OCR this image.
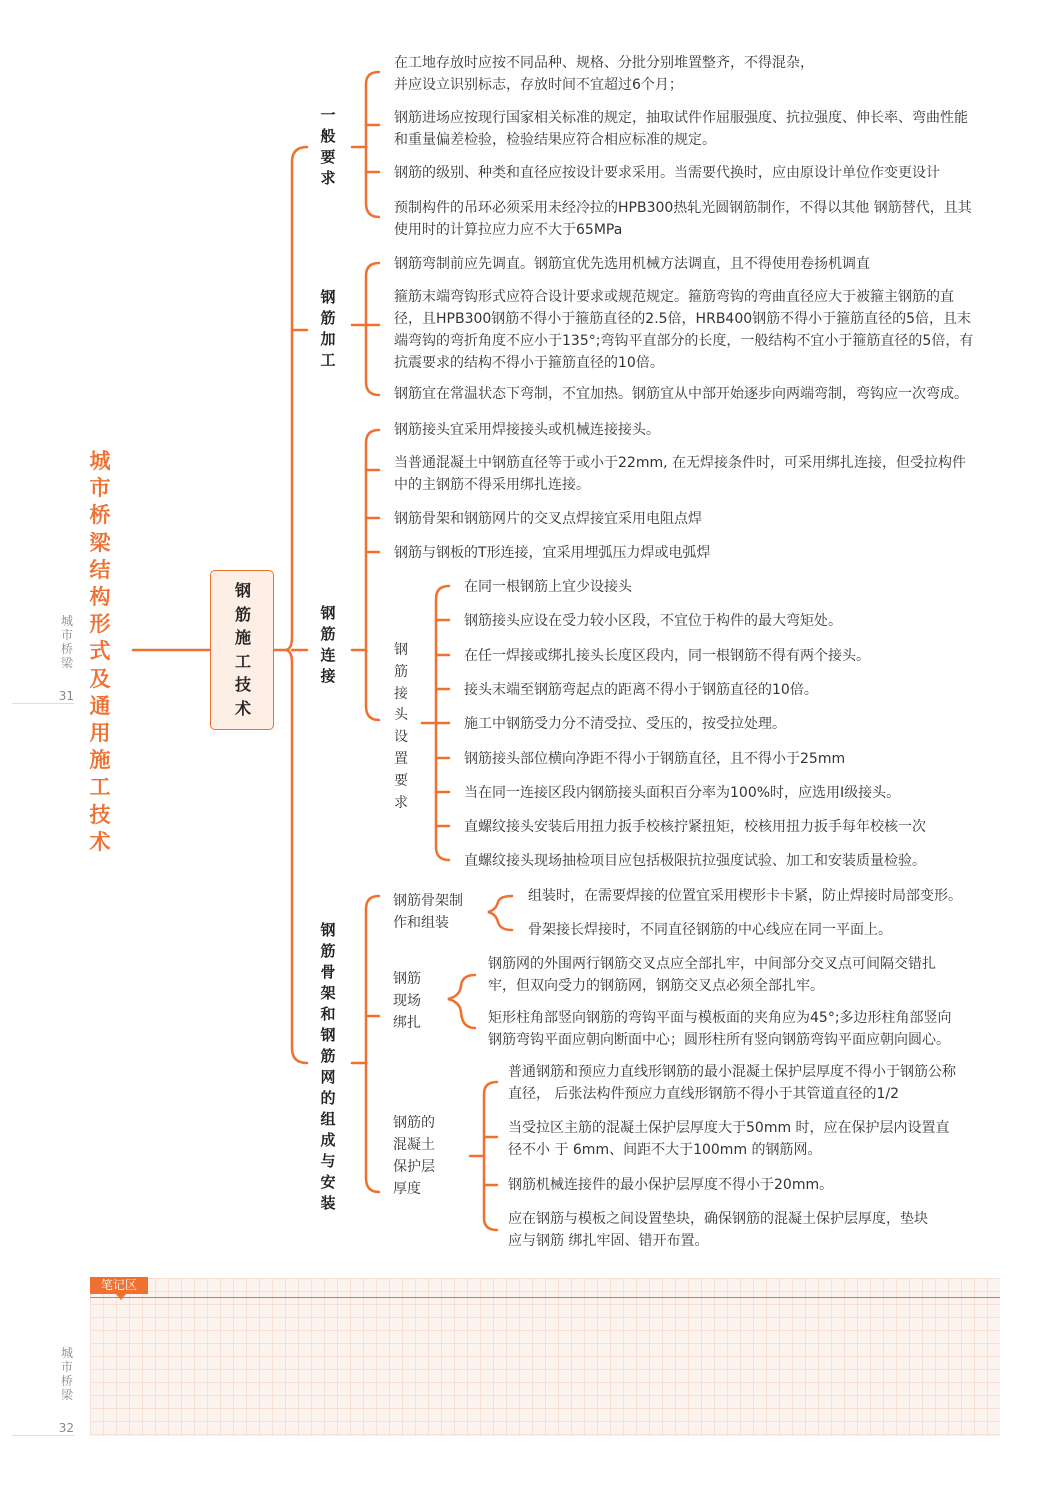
城市桥梁结构形式及通用施工技术
钢筋施工技术
一般要求
钢筋加工
钢筋连接
钢筋骨架和钢筋网的组成与安装
在工地存放时应按不同品种、规格、分批分别堆置整齐，不得混杂，
并应设立识别标志，存放时间不宜超过6个月；
钢筋进场应按现行国家相关标准的规定，抽取试件作屈服强度、抗拉强度、伸长率、弯曲性能
和重量偏差检验，检验结果应符合相应标准的规定。
钢筋的级别、种类和直径应按设计要求采用。当需要代换时，应由原设计单位作变更设计
预制构件的吊环必须采用未经冷拉的HPB300热轧光圆钢筋制作，不得以其他 钢筋替代，且其
使用时的计算拉应力应不大于65MPa
钢筋弯制前应先调直。钢筋宜优先选用机械方法调直，且不得使用卷扬机调直
箍筋末端弯钩形式应符合设计要求或规范规定。箍筋弯钩的弯曲直径应大于被箍主钢筋的直
径，且HPB300钢筋不得小于箍筋直径的2.5倍，HRB400钢筋不得小于箍筋直径的5倍，且末
端弯钩的弯折角度不应小于135°;弯钩平直部分的长度，一般结构不宜小于箍筋直径的5倍，有
抗震要求的结构不得小于箍筋直径的10倍。
钢筋宜在常温状态下弯制，不宜加热。钢筋宜从中部开始逐步向两端弯制，弯钩应一次弯成。
钢筋接头宜采用焊接接头或机械连接接头。
当普通混凝土中钢筋直径等于或小于22mm, 在无焊接条件时，可采用绑扎连接，但受拉构件
中的主钢筋不得采用绑扎连接。
钢筋骨架和钢筋网片的交叉点焊接宜采用电阻点焊
钢筋与钢板的T形连接，宜采用埋弧压力焊或电弧焊
钢筋接头设置要求
在同一根钢筋上宜少设接头
钢筋接头应设在受力较小区段，不宜位于构件的最大弯矩处。
在任一焊接或绑扎接头长度区段内，同一根钢筋不得有两个接头。
接头末端至钢筋弯起点的距离不得小于钢筋直径的10倍。
施工中钢筋受力分不清受拉、受压的，按受拉处理。
钢筋接头部位横向净距不得小于钢筋直径，且不得小于25mm
当在同一连接区段内钢筋接头面积百分率为100%时，应选用I级接头。
直螺纹接头安装后用扭力扳手校核拧紧扭矩，校核用扭力扳手每年校核一次
直螺纹接头现场抽检项目应包括极限抗拉强度试验、加工和安装质量检验。
钢筋骨架制
作和组装
组装时，在需要焊接的位置宜采用楔形卡卡紧，防止焊接时局部变形。
骨架接长焊接时，不同直径钢筋的中心线应在同一平面上。
钢筋
现场
绑扎
钢筋网的外围两行钢筋交叉点应全部扎牢，中间部分交叉点可间隔交错扎
牢，但双向受力的钢筋网，钢筋交叉点必须全部扎牢。
矩形柱角部竖向钢筋的弯钩平面与模板面的夹角应为45°;多边形柱角部竖向
钢筋弯钩平面应朝向断面中心；圆形柱所有竖向钢筋弯钩平面应朝向圆心。
钢筋的
混凝土
保护层
厚度
普通钢筋和预应力直线形钢筋的最小混凝土保护层厚度不得小于钢筋公称
直径， 后张法构件预应力直线形钢筋不得小于其管道直径的1/2
当受拉区主筋的混凝土保护层厚度大于50mm 时，应在保护层内设置直
径不小 于 6mm、间距不大于100mm 的钢筋网。
钢筋机械连接件的最小保护层厚度不得小于20mm。
应在钢筋与模板之间设置垫块，确保钢筋的混凝土保护层厚度，垫块
应与钢筋 绑扎牢固、错开布置。
城市桥梁
31
城市桥梁
32
笔记区
